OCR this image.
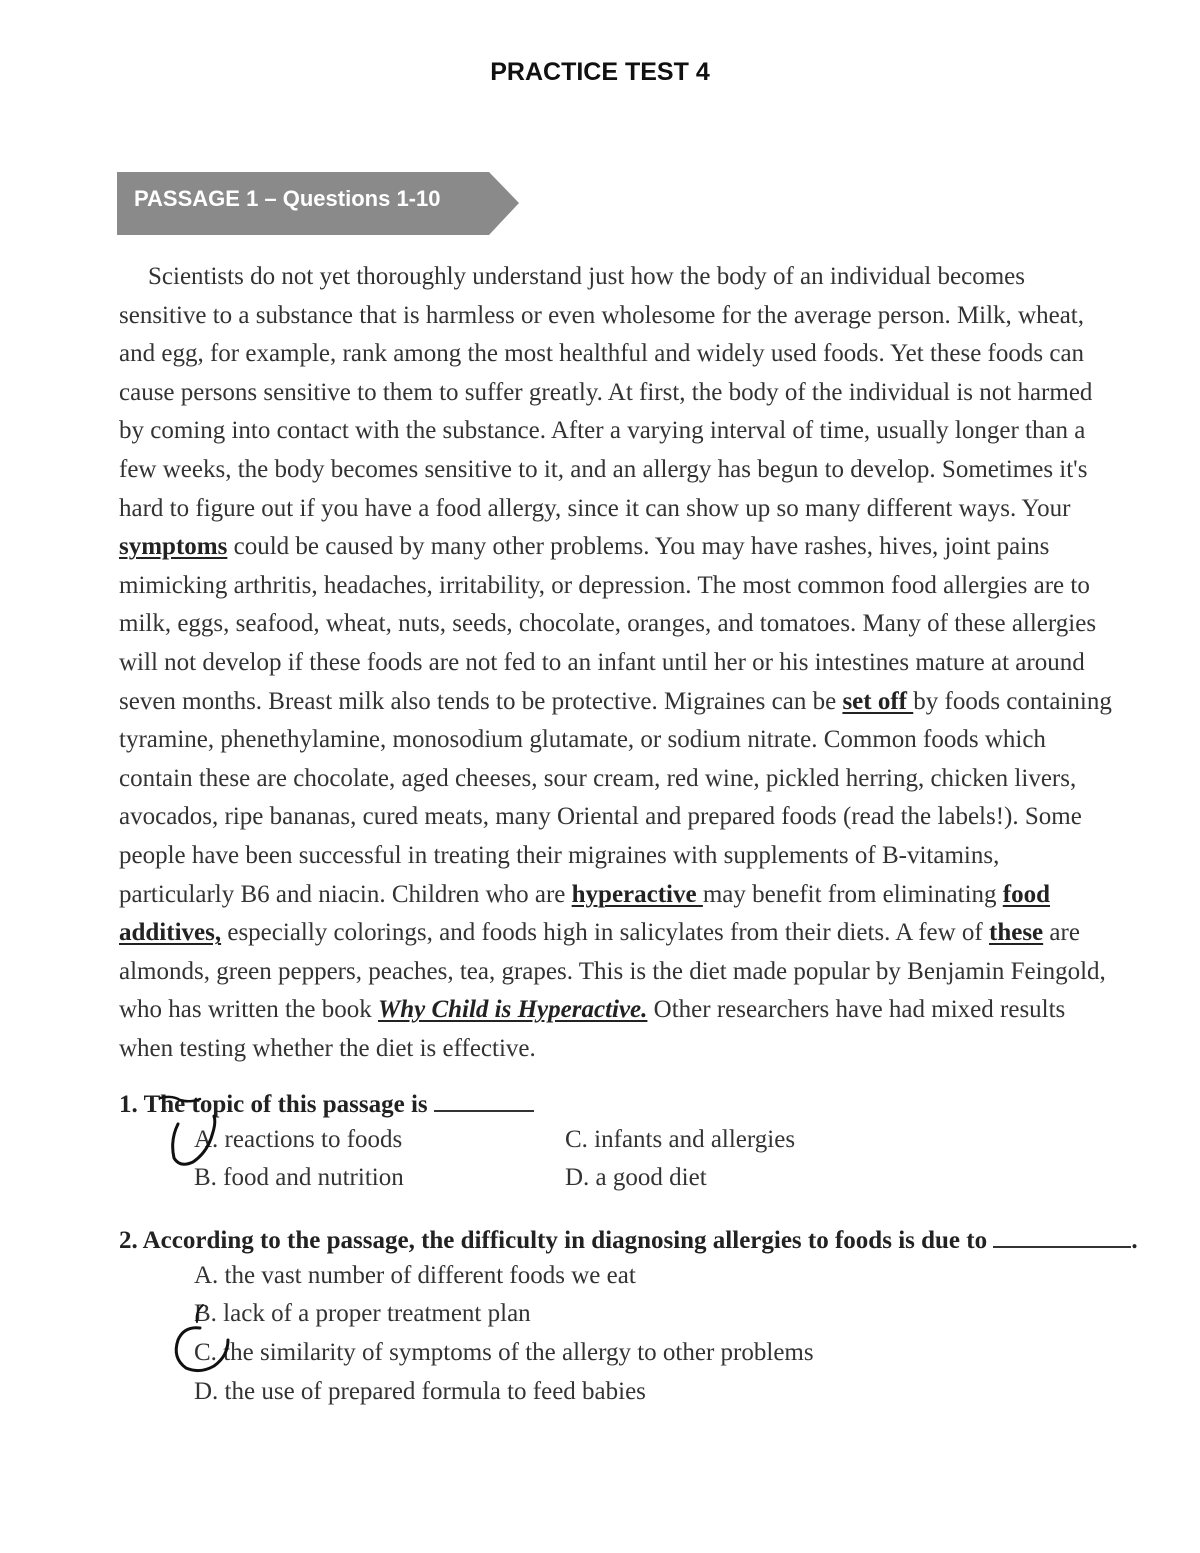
PRACTICE TEST 4
PASSAGE 1 – Questions 1-10
Scientists do not yet thoroughly understand just how the body of an individual becomes
sensitive to a substance that is harmless or even wholesome for the average person. Milk, wheat,
and egg, for example, rank among the most healthful and widely used foods. Yet these foods can
cause persons sensitive to them to suffer greatly. At first, the body of the individual is not harmed
by coming into contact with the substance. After a varying interval of time, usually longer than a
few weeks, the body becomes sensitive to it, and an allergy has begun to develop. Sometimes it's
hard to figure out if you have a food allergy, since it can show up so many different ways. Your
symptoms could be caused by many other problems. You may have rashes, hives, joint pains
mimicking arthritis, headaches, irritability, or depression. The most common food allergies are to
milk, eggs, seafood, wheat, nuts, seeds, chocolate, oranges, and tomatoes. Many of these allergies
will not develop if these foods are not fed to an infant until her or his intestines mature at around
seven months. Breast milk also tends to be protective. Migraines can be set off by foods containing
tyramine, phenethylamine, monosodium glutamate, or sodium nitrate. Common foods which
contain these are chocolate, aged cheeses, sour cream, red wine, pickled herring, chicken livers,
avocados, ripe bananas, cured meats, many Oriental and prepared foods (read the labels!). Some
people have been successful in treating their migraines with supplements of B-vitamins,
particularly B6 and niacin. Children who are hyperactive may benefit from eliminating food
additives, especially colorings, and foods high in salicylates from their diets. A few of these are
almonds, green peppers, peaches, tea, grapes. This is the diet made popular by Benjamin Feingold,
who has written the book Why Child is Hyperactive. Other researchers have had mixed results
when testing whether the diet is effective.
1. The topic of this passage is
A. reactions to foods
B. food and nutrition
C. infants and allergies
D. a good diet
2. According to the passage, the difficulty in diagnosing allergies to foods is due to	.
A. the vast number of different foods we eat
B. lack of a proper treatment plan
C. the similarity of symptoms of the allergy to other problems
D. the use of prepared formula to feed babies
